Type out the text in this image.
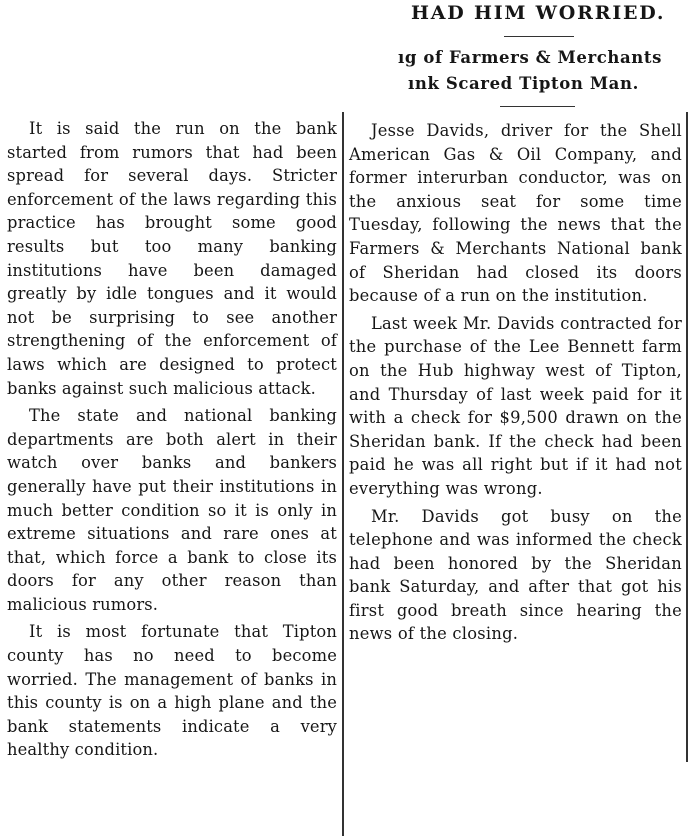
HAD HIM WORRIED.
ıg of Farmers & Merchants
ınk Scared Tipton Man.

It is said the run on the bank started from rumors that had been spread for several days. Stricter enforcement of the laws regarding this practice has brought some good results but too many banking institutions have been damaged greatly by idle tongues and it would not be surprising to see another strengthening of the enforcement of laws which are designed to protect banks against such malicious attack.

The state and national banking departments are both alert in their watch over banks and bankers generally have put their institutions in much better condition so it is only in extreme situations and rare ones at that, which force a bank to close its doors for any other reason than malicious rumors.

It is most fortunate that Tipton county has no need to become worried. The management of banks in this county is on a high plane and the bank statements indicate a very healthy condition.

Jesse Davids, driver for the Shell American Gas & Oil Company, and former interurban conductor, was on the anxious seat for some time Tuesday, following the news that the Farmers & Merchants National bank of Sheridan had closed its doors because of a run on the institution.

Last week Mr. Davids contracted for the purchase of the Lee Bennett farm on the Hub highway west of Tipton, and Thursday of last week paid for it with a check for $9,500 drawn on the Sheridan bank. If the check had been paid he was all right but if it had not everything was wrong.

Mr. Davids got busy on the telephone and was informed the check had been honored by the Sheridan bank Saturday, and after that got his first good breath since hearing the news of the closing.
